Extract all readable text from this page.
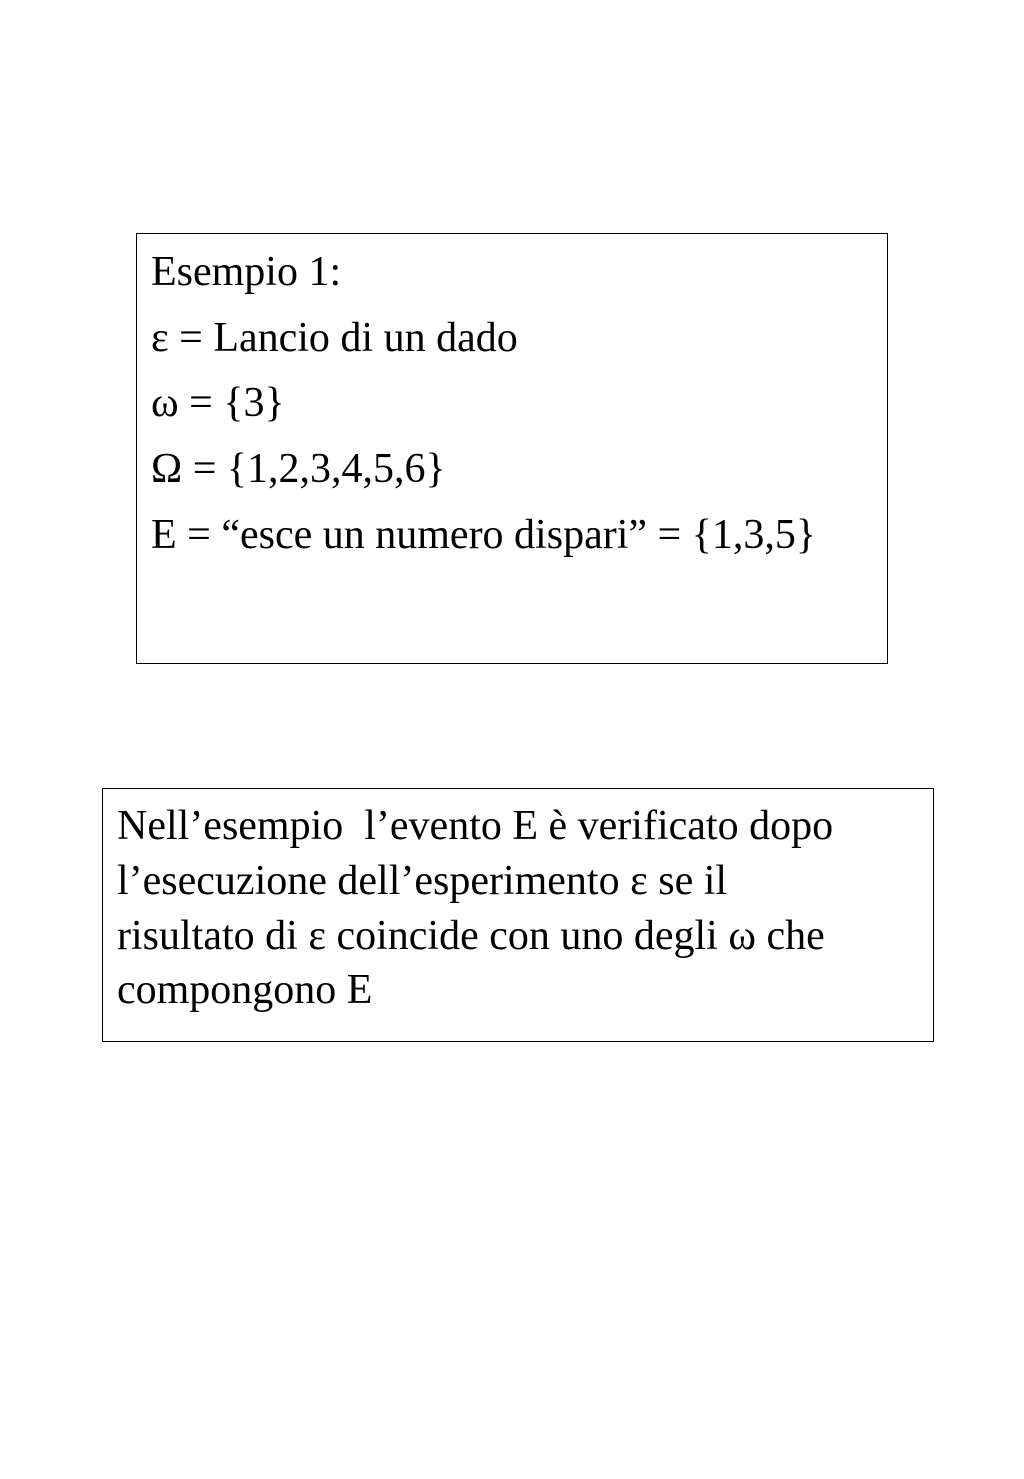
Esempio 1:
ε = Lancio di un dado
ω = {3}
Ω = {1,2,3,4,5,6}
E = “esce un numero dispari” = {1,3,5}
Nell’esempio  l’evento E è verificato dopo
l’esecuzione dell’esperimento ε se il
risultato di ε coincide con uno degli ω che
compongono E
